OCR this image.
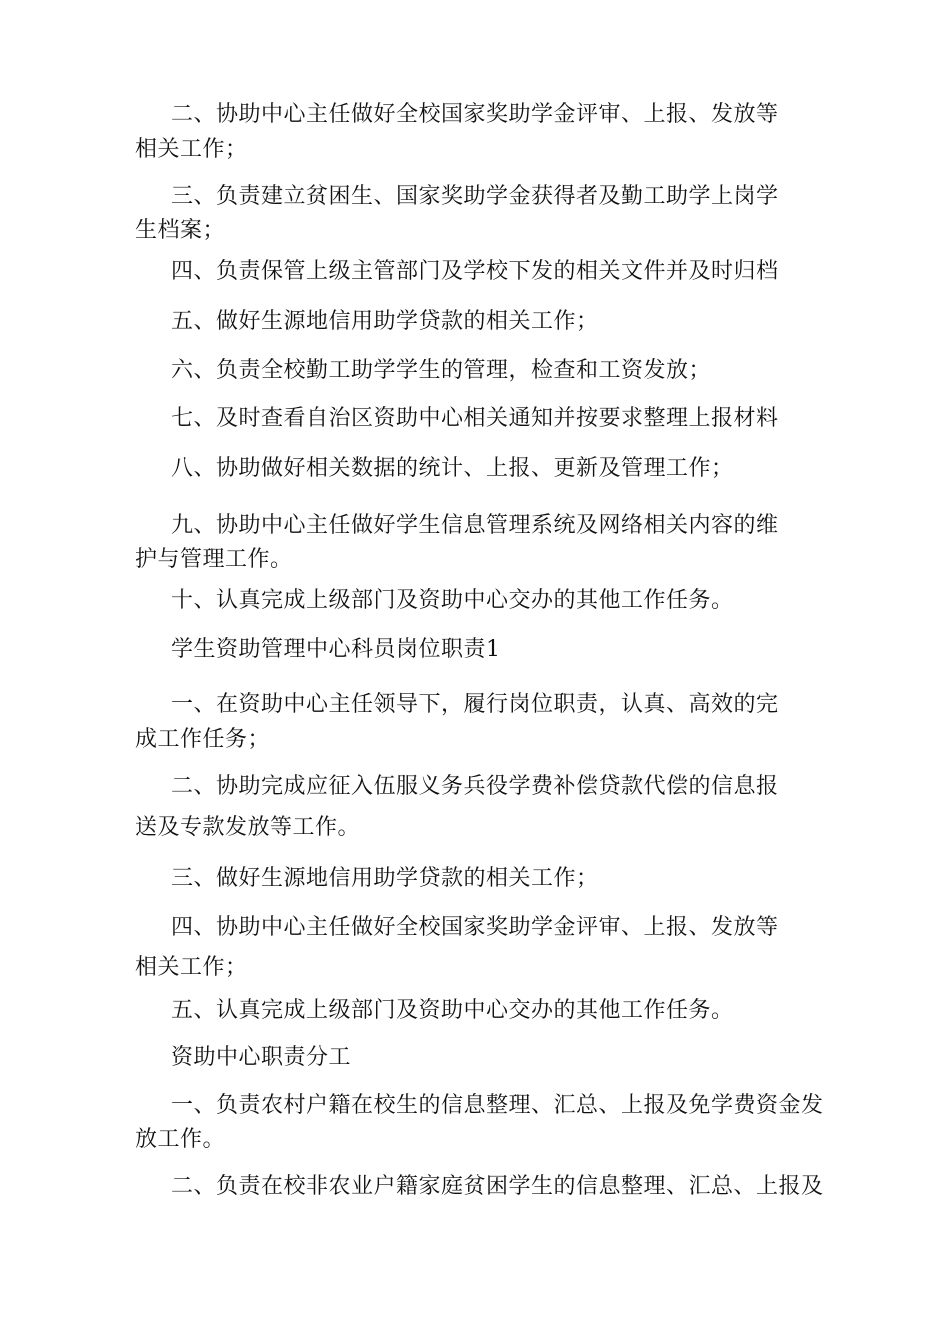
二、协助中心主任做好全校国家奖助学金评审、上报、发放等

相关工作；

三、负责建立贫困生、国家奖助学金获得者及勤工助学上岗学

生档案；

四、负责保管上级主管部门及学校下发的相关文件并及时归档

五、做好生源地信用助学贷款的相关工作；

六、负责全校勤工助学学生的管理，检查和工资发放；

七、及时查看自治区资助中心相关通知并按要求整理上报材料

八、协助做好相关数据的统计、上报、更新及管理工作；

九、协助中心主任做好学生信息管理系统及网络相关内容的维

护与管理工作。

十、认真完成上级部门及资助中心交办的其他工作任务。

学生资助管理中心科员岗位职责1

一、在资助中心主任领导下，履行岗位职责，认真、高效的完

成工作任务；

二、协助完成应征入伍服义务兵役学费补偿贷款代偿的信息报

送及专款发放等工作。

三、做好生源地信用助学贷款的相关工作；

四、协助中心主任做好全校国家奖助学金评审、上报、发放等

相关工作；

五、认真完成上级部门及资助中心交办的其他工作任务。

资助中心职责分工

一、负责农村户籍在校生的信息整理、汇总、上报及免学费资金发

放工作。

二、负责在校非农业户籍家庭贫困学生的信息整理、汇总、上报及
